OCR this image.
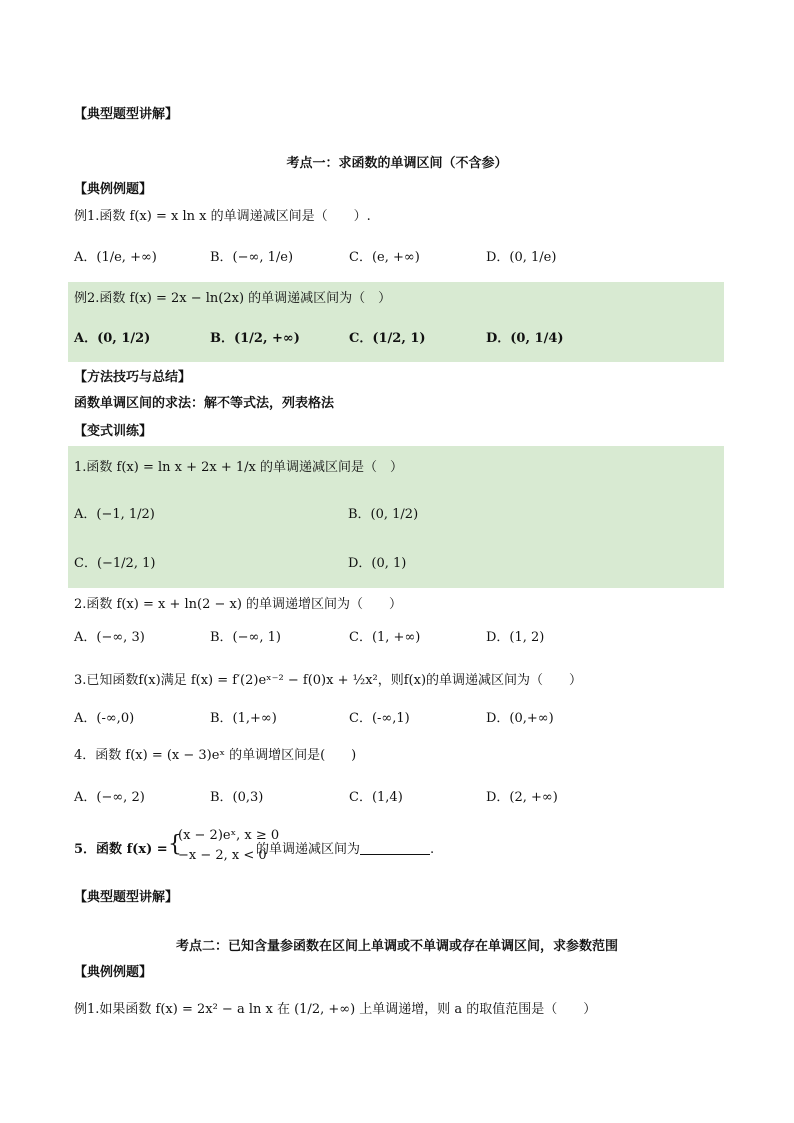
【典型题型讲解】
考点一：求函数的单调区间（不含参）
【典例例题】
例1.函数 f(x) = x ln x 的单调递减区间是（　　）.
A．(1/e, +∞)	B．(−∞, 1/e)	C．(e, +∞)	D．(0, 1/e)
例2.函数 f(x) = 2x − ln(2x) 的单调递减区间为（　）
A．(0, 1/2)	B．(1/2, +∞)	C．(1/2, 1)	D．(0, 1/4)
【方法技巧与总结】
函数单调区间的求法：解不等式法，列表格法
【变式训练】
1.函数 f(x) = ln x + 2x + 1/x 的单调递减区间是（　）
A．(−1, 1/2)	B．(0, 1/2)
C．(−1/2, 1)	D．(0, 1)
2.函数 f(x) = x + ln(2 − x) 的单调递增区间为（　　）
A．(−∞, 3)	B．(−∞, 1)	C．(1, +∞)	D．(1, 2)
3.已知函数f(x)满足 f(x) = f′(2)eˣ⁻² − f(0)x + ½x²，则f(x)的单调递减区间为（　　）
A．(-∞,0)	B．(1,+∞)	C．(-∞,1)	D．(0,+∞)
4．函数 f(x) = (x − 3)eˣ 的单调增区间是(　　)
A．(−∞, 2)	B．(0,3)	C．(1,4)	D．(2, +∞)
5．函数 f(x) = {
(x − 2)eˣ, x ≥ 0
−x − 2, x < 0
的单调递减区间为	.
【典型题型讲解】
考点二：已知含量参函数在区间上单调或不单调或存在单调区间，求参数范围
【典例例题】
例1.如果函数 f(x) = 2x² − a ln x 在 (1/2, +∞) 上单调递增，则 a 的取值范围是（　　）
